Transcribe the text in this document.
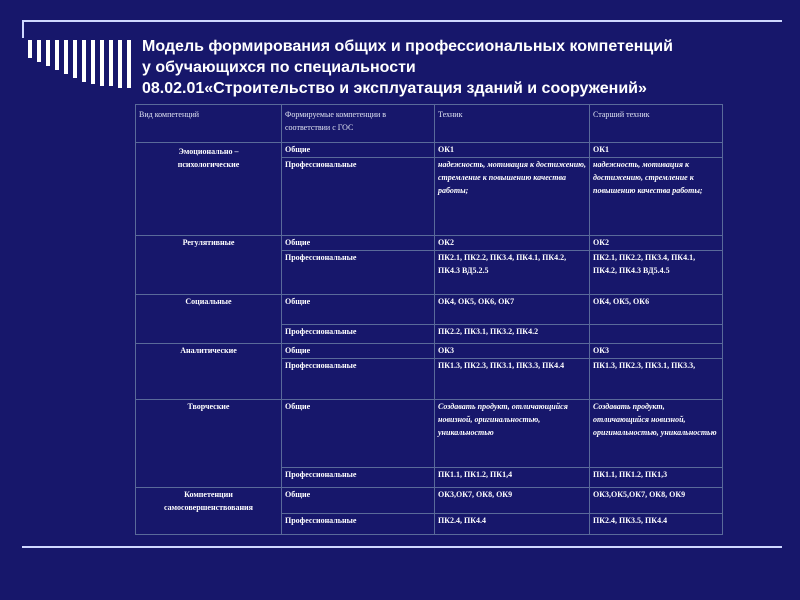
Модель формирования общих и профессиональных компетенций
у обучающихся по специальности
08.02.01«Строительство и эксплуатация зданий и сооружений»
Вид компетенций	Формируемые компетенции в соответствии с ГОС	Техник	Старший техник

Эмоционально – психологические	Общие	ОК1	ОК1
	Профессиональные	надежность, мотивация к достижению, стремление к повышению качества работы;	надежность, мотивация к достижению, стремление к повышению качества работы;
Регулятивные	Общие	ОК2	ОК2
	Профессиональные	ПК2.1, ПК2.2, ПК3.4, ПК4.1, ПК4.2, ПК4.3 ВД5.2.5	ПК2.1, ПК2.2, ПК3.4, ПК4.1, ПК4.2, ПК4.3 ВД5.4.5
Социальные	Общие	ОК4, ОК5, ОК6, ОК7	ОК4, ОК5, ОК6
	Профессиональные	ПК2.2, ПК3.1, ПК3.2, ПК4.2	
Аналитические	Общие	ОК3	ОК3
	Профессиональные	ПК1.3, ПК2.3, ПК3.1, ПК3.3, ПК4.4	ПК1.3, ПК2.3, ПК3.1, ПК3.3,
Творческие	Общие	Создавать продукт, отличающийся новизной, оригинальностью, уникальностью	Создавать продукт, отличающийся новизной, оригинальностью, уникальностью
	Профессиональные	ПК1.1, ПК1.2, ПК1,4	ПК1.1, ПК1.2, ПК1,3

Компетенции самосовершенствования	Общие	ОК3,ОК7, ОК8, ОК9	ОК3,ОК5,ОК7, ОК8, ОК9
	Профессиональные	ПК2.4, ПК4.4	ПК2.4, ПК3.5, ПК4.4
